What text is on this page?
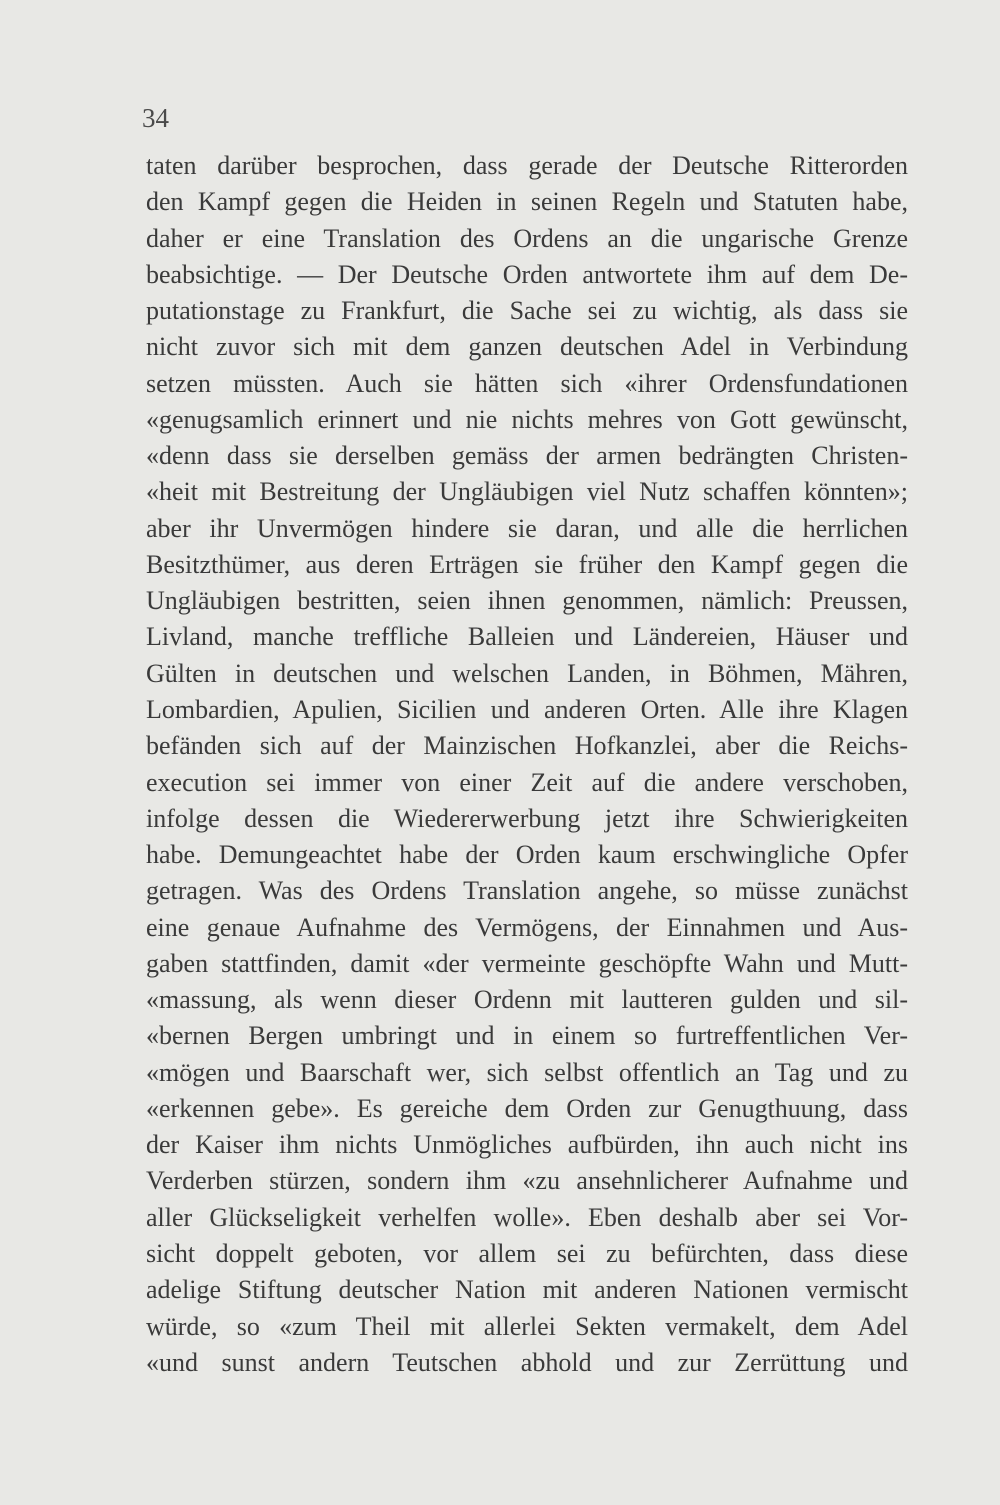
34
taten darüber besprochen, dass gerade der Deutsche Ritterorden
den Kampf gegen die Heiden in seinen Regeln und Statuten habe,
daher er eine Translation des Ordens an die ungarische Grenze
beabsichtige. — Der Deutsche Orden antwortete ihm auf dem De-
putationstage zu Frankfurt, die Sache sei zu wichtig, als dass sie
nicht zuvor sich mit dem ganzen deutschen Adel in Verbindung
setzen müssten. Auch sie hätten sich «ihrer Ordensfundationen
«genugsamlich erinnert und nie nichts mehres von Gott gewünscht,
«denn dass sie derselben gemäss der armen bedrängten Christen-
«heit mit Bestreitung der Ungläubigen viel Nutz schaffen könnten»;
aber ihr Unvermögen hindere sie daran, und alle die herrlichen
Besitzthümer, aus deren Erträgen sie früher den Kampf gegen die
Ungläubigen bestritten, seien ihnen genommen, nämlich: Preussen,
Livland, manche treffliche Balleien und Ländereien, Häuser und
Gülten in deutschen und welschen Landen, in Böhmen, Mähren,
Lombardien, Apulien, Sicilien und anderen Orten. Alle ihre Klagen
befänden sich auf der Mainzischen Hofkanzlei, aber die Reichs-
execution sei immer von einer Zeit auf die andere verschoben,
infolge dessen die Wiedererwerbung jetzt ihre Schwierigkeiten
habe. Demungeachtet habe der Orden kaum erschwingliche Opfer
getragen. Was des Ordens Translation angehe, so müsse zunächst
eine genaue Aufnahme des Vermögens, der Einnahmen und Aus-
gaben stattfinden, damit «der vermeinte geschöpfte Wahn und Mutt-
«massung, als wenn dieser Ordenn mit lautteren gulden und sil-
«bernen Bergen umbringt und in einem so furtreffentlichen Ver-
«mögen und Baarschaft wer, sich selbst offentlich an Tag und zu
«erkennen gebe». Es gereiche dem Orden zur Genugthuung, dass
der Kaiser ihm nichts Unmögliches aufbürden, ihn auch nicht ins
Verderben stürzen, sondern ihm «zu ansehnlicherer Aufnahme und
aller Glückseligkeit verhelfen wolle». Eben deshalb aber sei Vor-
sicht doppelt geboten, vor allem sei zu befürchten, dass diese
adelige Stiftung deutscher Nation mit anderen Nationen vermischt
würde, so «zum Theil mit allerlei Sekten vermakelt, dem Adel
«und sunst andern Teutschen abhold und zur Zerrüttung und
